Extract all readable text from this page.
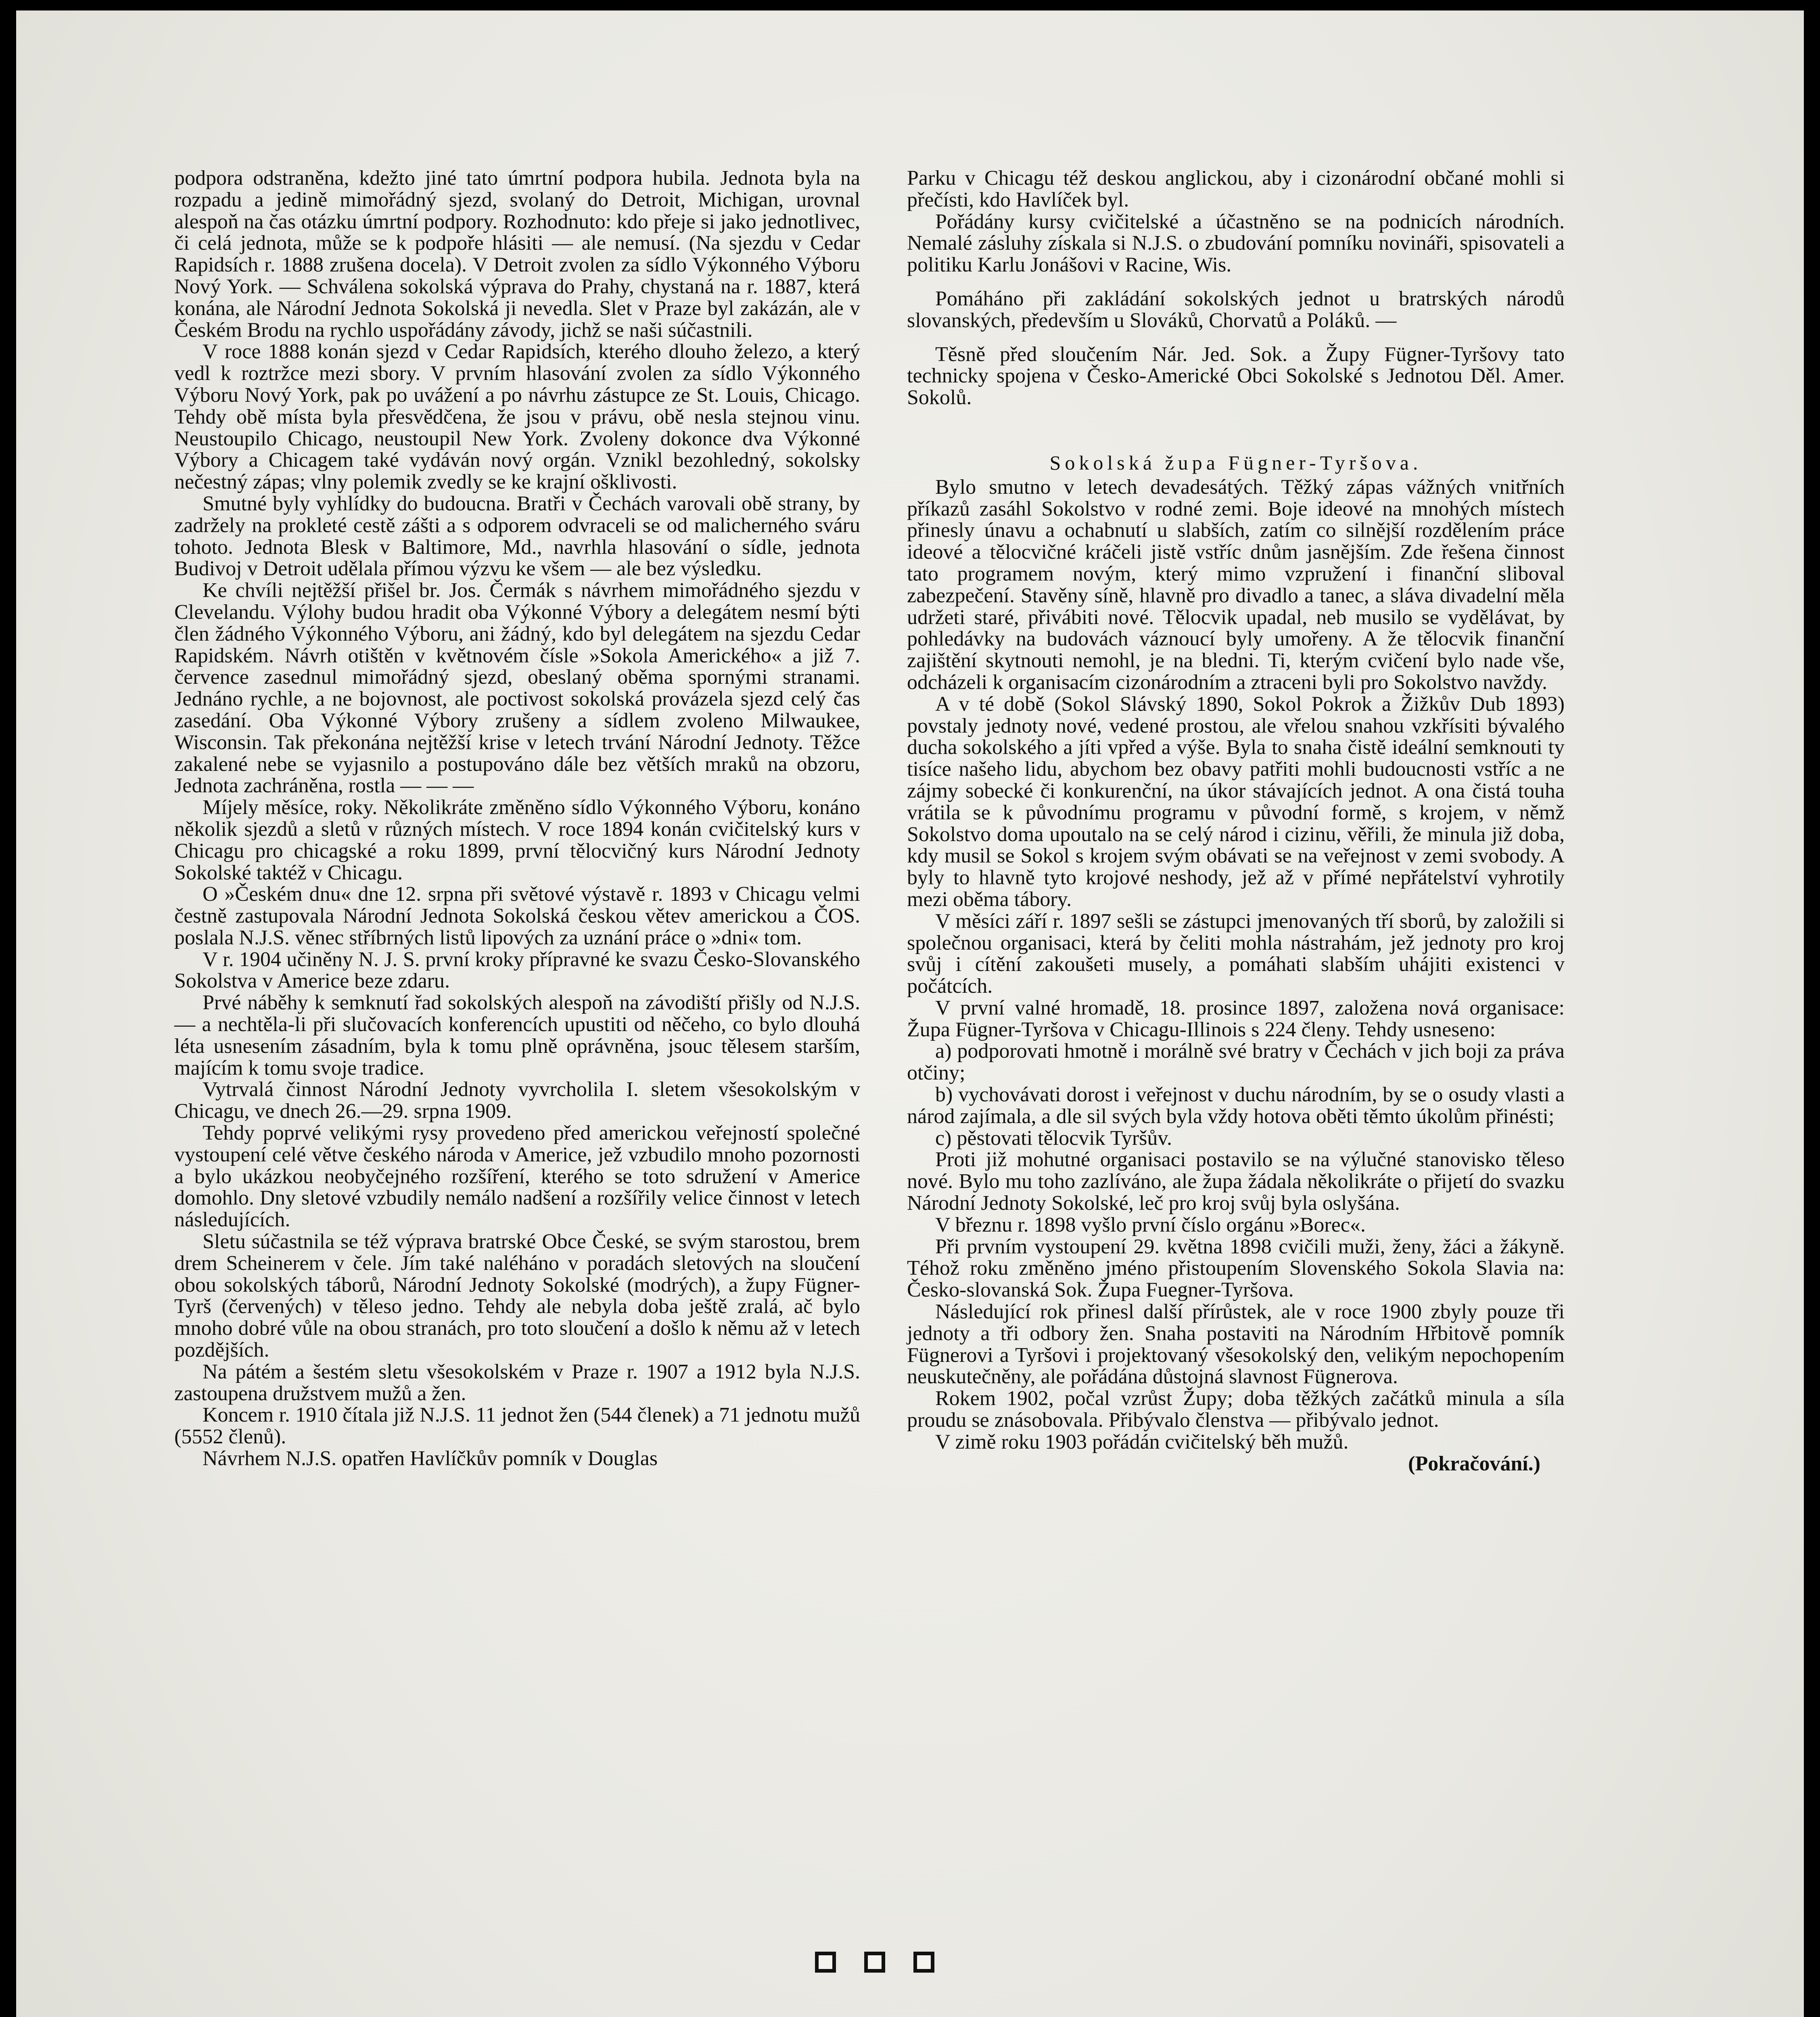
podpora odstraněna, kdežto jiné tato úmrtní podpora hubila. Jednota byla na rozpadu a jedině mimořádný sjezd, svolaný do Detroit, Michigan, urovnal alespoň na čas otázku úmrtní podpory. Rozhodnuto: kdo přeje si jako jednotlivec, či celá jednota, může se k podpoře hlásiti — ale nemusí. (Na sjezdu v Cedar Rapidsích r. 1888 zrušena docela). V Detroit zvolen za sídlo Výkonného Výboru Nový York. — Schválena sokolská výprava do Prahy, chystaná na r. 1887, která konána, ale Národní Jednota Sokolská ji nevedla. Slet v Praze byl zakázán, ale v Českém Brodu na rychlo uspořádány závody, jichž se naši súčastnili.

V roce 1888 konán sjezd v Cedar Rapidsích, kterého dlouho železo, a který vedl k roztržce mezi sbory. V prvním hlasování zvolen za sídlo Výkonného Výboru Nový York, pak po uvážení a po návrhu zástupce ze St. Louis, Chicago. Tehdy obě místa byla přesvědčena, že jsou v právu, obě nesla stejnou vinu. Neustoupilo Chicago, neustoupil New York. Zvoleny dokonce dva Výkonné Výbory a Chicagem také vydáván nový orgán. Vznikl bezohledný, sokolsky nečestný zápas; vlny polemik zvedly se ke krajní ošklivosti.

Smutné byly vyhlídky do budoucna. Bratři v Čechách varovali obě strany, by zadržely na prokleté cestě zášti a s odporem odvraceli se od malicherného sváru tohoto. Jednota Blesk v Baltimore, Md., navrhla hlasování o sídle, jednota Budivoj v Detroit udělala přímou výzvu ke všem — ale bez výsledku.

Ke chvíli nejtěžší přišel br. Jos. Čermák s návrhem mimořádného sjezdu v Clevelandu. Výlohy budou hradit oba Výkonné Výbory a delegátem nesmí býti člen žádného Výkonného Výboru, ani žádný, kdo byl delegátem na sjezdu Cedar Rapidském. Návrh otištěn v květnovém čísle »Sokola Amerického« a již 7. července zasednul mimořádný sjezd, obeslaný oběma spornými stranami. Jednáno rychle, a ne bojovnost, ale poctivost sokolská provázela sjezd celý čas zasedání. Oba Výkonné Výbory zrušeny a sídlem zvoleno Milwaukee, Wisconsin. Tak překonána nejtěžší krise v letech trvání Národní Jednoty. Těžce zakalené nebe se vyjasnilo a postupováno dále bez větších mraků na obzoru, Jednota zachráněna, rostla — — —

Míjely měsíce, roky. Několikráte změněno sídlo Výkonného Výboru, konáno několik sjezdů a sletů v různých místech. V roce 1894 konán cvičitelský kurs v Chicagu pro chicagské a roku 1899, první tělocvičný kurs Národní Jednoty Sokolské taktéž v Chicagu.

O »Českém dnu« dne 12. srpna při světové výstavě r. 1893 v Chicagu velmi čestně zastupovala Národní Jednota Sokolská českou větev americkou a ČOS. poslala N.J.S. věnec stříbrných listů lipových za uznání práce o »dni« tom.

V r. 1904 učiněny N. J. S. první kroky přípravné ke svazu Česko-Slovanského Sokolstva v Americe beze zdaru.

Prvé náběhy k semknutí řad sokolských alespoň na závodiští přišly od N.J.S. — a nechtěla-li při slučovacích konferencích upustiti od něčeho, co bylo dlouhá léta usnesením zásadním, byla k tomu plně oprávněna, jsouc tělesem starším, majícím k tomu svoje tradice.

Vytrvalá činnost Národní Jednoty vyvrcholila I. sletem všesokolským v Chicagu, ve dnech 26.—29. srpna 1909.

Tehdy poprvé velikými rysy provedeno před americkou veřejností společné vystoupení celé větve českého národa v Americe, jež vzbudilo mnoho pozornosti a bylo ukázkou neobyčejného rozšíření, kterého se toto sdružení v Americe domohlo. Dny sletové vzbudily nemálo nadšení a rozšířily velice činnost v letech následujících.

Sletu súčastnila se též výprava bratrské Obce České, se svým starostou, brem drem Scheinerem v čele. Jím také naléháno v poradách sletových na sloučení obou sokolských táborů, Národní Jednoty Sokolské (modrých), a župy Fügner-Tyrš (červených) v těleso jedno. Tehdy ale nebyla doba ještě zralá, ač bylo mnoho dobré vůle na obou stranách, pro toto sloučení a došlo k němu až v letech pozdějších.

Na pátém a šestém sletu všesokolském v Praze r. 1907 a 1912 byla N.J.S. zastoupena družstvem mužů a žen.

Koncem r. 1910 čítala již N.J.S. 11 jednot žen (544 členek) a 71 jednotu mužů (5552 členů).

Návrhem N.J.S. opatřen Havlíčkův pomník v Douglas

Parku v Chicagu též deskou anglickou, aby i cizonárodní občané mohli si přečísti, kdo Havlíček byl.

Pořádány kursy cvičitelské a účastněno se na podnicích národních. Nemalé zásluhy získala si N.J.S. o zbudování pomníku novináři, spisovateli a politiku Karlu Jonášovi v Racine, Wis.

Pomáháno při zakládání sokolských jednot u bratrských národů slovanských, především u Slováků, Chorvatů a Poláků. —

Těsně před sloučením Nár. Jed. Sok. a Župy Fügner-Tyršovy tato technicky spojena v Česko-Americké Obci Sokolské s Jednotou Děl. Amer. Sokolů.

Sokolská župa Fügner-Tyršova.

Bylo smutno v letech devadesátých. Těžký zápas vážných vnitřních příkazů zasáhl Sokolstvo v rodné zemi. Boje ideové na mnohých místech přinesly únavu a ochabnutí u slabších, zatím co silnější rozdělením práce ideové a tělocvičné kráčeli jistě vstříc dnům jasnějším. Zde řešena činnost tato programem novým, který mimo vzpružení i finanční sliboval zabezpečení. Stavěny síně, hlavně pro divadlo a tanec, a sláva divadelní měla udržeti staré, přivábiti nové. Tělocvik upadal, neb musilo se vydělávat, by pohledávky na budovách váznoucí byly umořeny. A že tělocvik finanční zajištění skytnouti nemohl, je na bledni. Ti, kterým cvičení bylo nade vše, odcházeli k organisacím cizonárodním a ztraceni byli pro Sokolstvo navždy.

A v té době (Sokol Slávský 1890, Sokol Pokrok a Žižkův Dub 1893) povstaly jednoty nové, vedené prostou, ale vřelou snahou vzkřísiti bývalého ducha sokolského a jíti vpřed a výše. Byla to snaha čistě ideální semknouti ty tisíce našeho lidu, abychom bez obavy patřiti mohli budoucnosti vstříc a ne zájmy sobecké či konkurenční, na úkor stávajících jednot. A ona čistá touha vrátila se k původnímu programu v původní formě, s krojem, v němž Sokolstvo doma upoutalo na se celý národ i cizinu, věřili, že minula již doba, kdy musil se Sokol s krojem svým obávati se na veřejnost v zemi svobody. A byly to hlavně tyto krojové neshody, jež až v přímé nepřátelství vyhrotily mezi oběma tábory.

V měsíci září r. 1897 sešli se zástupci jmenovaných tří sborů, by založili si společnou organisaci, která by čeliti mohla nástrahám, jež jednoty pro kroj svůj i cítění zakoušeti musely, a pomáhati slabším uhájiti existenci v počátcích.

V první valné hromadě, 18. prosince 1897, založena nová organisace: Župa Fügner-Tyršova v Chicagu-Illinois s 224 členy. Tehdy usneseno:

a) podporovati hmotně i morálně své bratry v Čechách v jich boji za práva otčiny;

b) vychovávati dorost i veřejnost v duchu národním, by se o osudy vlasti a národ zajímala, a dle sil svých byla vždy hotova oběti těmto úkolům přinésti;

c) pěstovati tělocvik Tyršův.

Proti již mohutné organisaci postavilo se na výlučné stanovisko těleso nové. Bylo mu toho zazlíváno, ale župa žádala několikráte o přijetí do svazku Národní Jednoty Sokolské, leč pro kroj svůj byla oslyšána.

V březnu r. 1898 vyšlo první číslo orgánu »Borec«.

Při prvním vystoupení 29. května 1898 cvičili muži, ženy, žáci a žákyně. Téhož roku změněno jméno přistoupením Slovenského Sokola Slavia na: Česko-slovanská Sok. Župa Fuegner-Tyršova.

Následující rok přinesl další přírůstek, ale v roce 1900 zbyly pouze tři jednoty a tři odbory žen. Snaha postaviti na Národním Hřbitově pomník Fügnerovi a Tyršovi i projektovaný všesokolský den, velikým nepochopením neuskutečněny, ale pořádána důstojná slavnost Fügnerova.

Rokem 1902, počal vzrůst Župy; doba těžkých začátků minula a síla proudu se znásobovala. Přibývalo členstva — přibývalo jednot.

V zimě roku 1903 pořádán cvičitelský běh mužů.

(Pokračování.)
